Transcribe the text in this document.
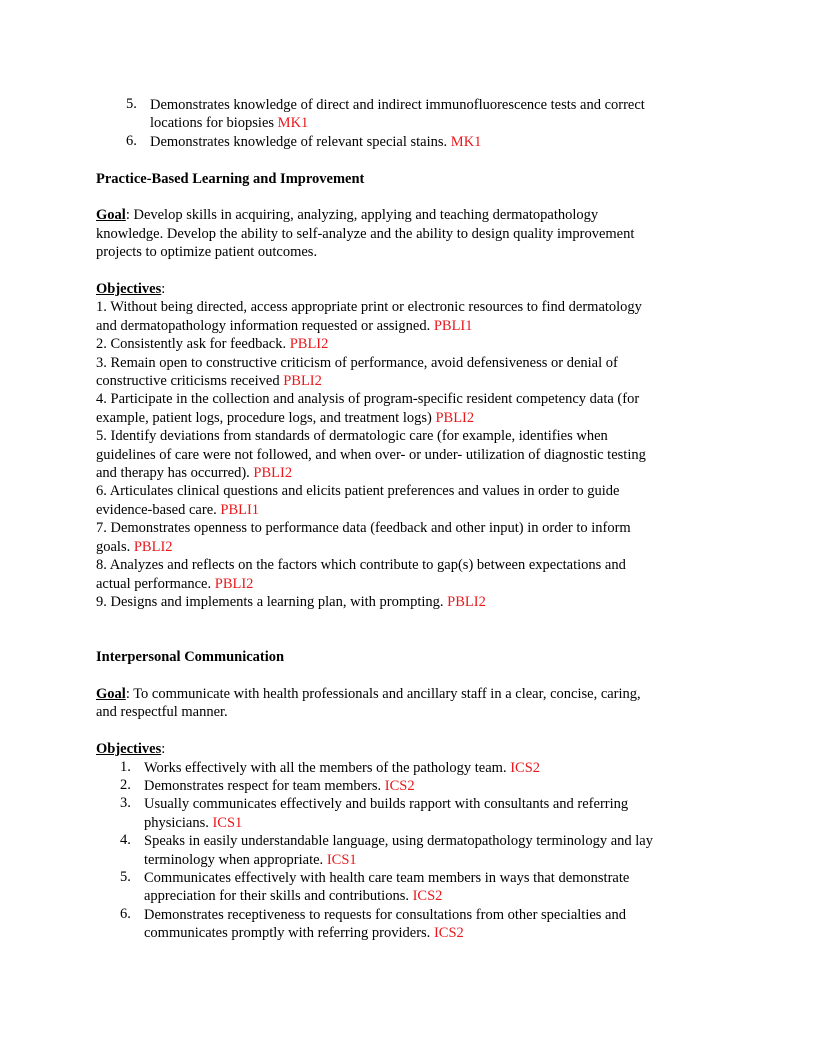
5. Demonstrates knowledge of direct and indirect immunofluorescence tests and correct
locations for biopsies MK1
6. Demonstrates knowledge of relevant special stains. MK1
Practice-Based Learning and Improvement
Goal: Develop skills in acquiring, analyzing, applying and teaching dermatopathology
knowledge. Develop the ability to self-analyze and the ability to design quality improvement
projects to optimize patient outcomes.
Objectives:
1. Without being directed, access appropriate print or electronic resources to find dermatology
and dermatopathology information requested or assigned. PBLI1
2. Consistently ask for feedback. PBLI2
3. Remain open to constructive criticism of performance, avoid defensiveness or denial of
constructive criticisms received PBLI2
4. Participate in the collection and analysis of program-specific resident competency data (for
example, patient logs, procedure logs, and treatment logs) PBLI2
5. Identify deviations from standards of dermatologic care (for example, identifies when
guidelines of care were not followed, and when over- or under- utilization of diagnostic testing
and therapy has occurred). PBLI2
6. Articulates clinical questions and elicits patient preferences and values in order to guide
evidence-based care. PBLI1
7. Demonstrates openness to performance data (feedback and other input) in order to inform
goals. PBLI2
8. Analyzes and reflects on the factors which contribute to gap(s) between expectations and
actual performance. PBLI2
9. Designs and implements a learning plan, with prompting. PBLI2
Interpersonal Communication
Goal: To communicate with health professionals and ancillary staff in a clear, concise, caring,
and respectful manner.
Objectives:
1. Works effectively with all the members of the pathology team. ICS2
2. Demonstrates respect for team members. ICS2
3. Usually communicates effectively and builds rapport with consultants and referring
physicians. ICS1
4. Speaks in easily understandable language, using dermatopathology terminology and lay
terminology when appropriate. ICS1
5. Communicates effectively with health care team members in ways that demonstrate
appreciation for their skills and contributions. ICS2
6. Demonstrates receptiveness to requests for consultations from other specialties and
communicates promptly with referring providers. ICS2
